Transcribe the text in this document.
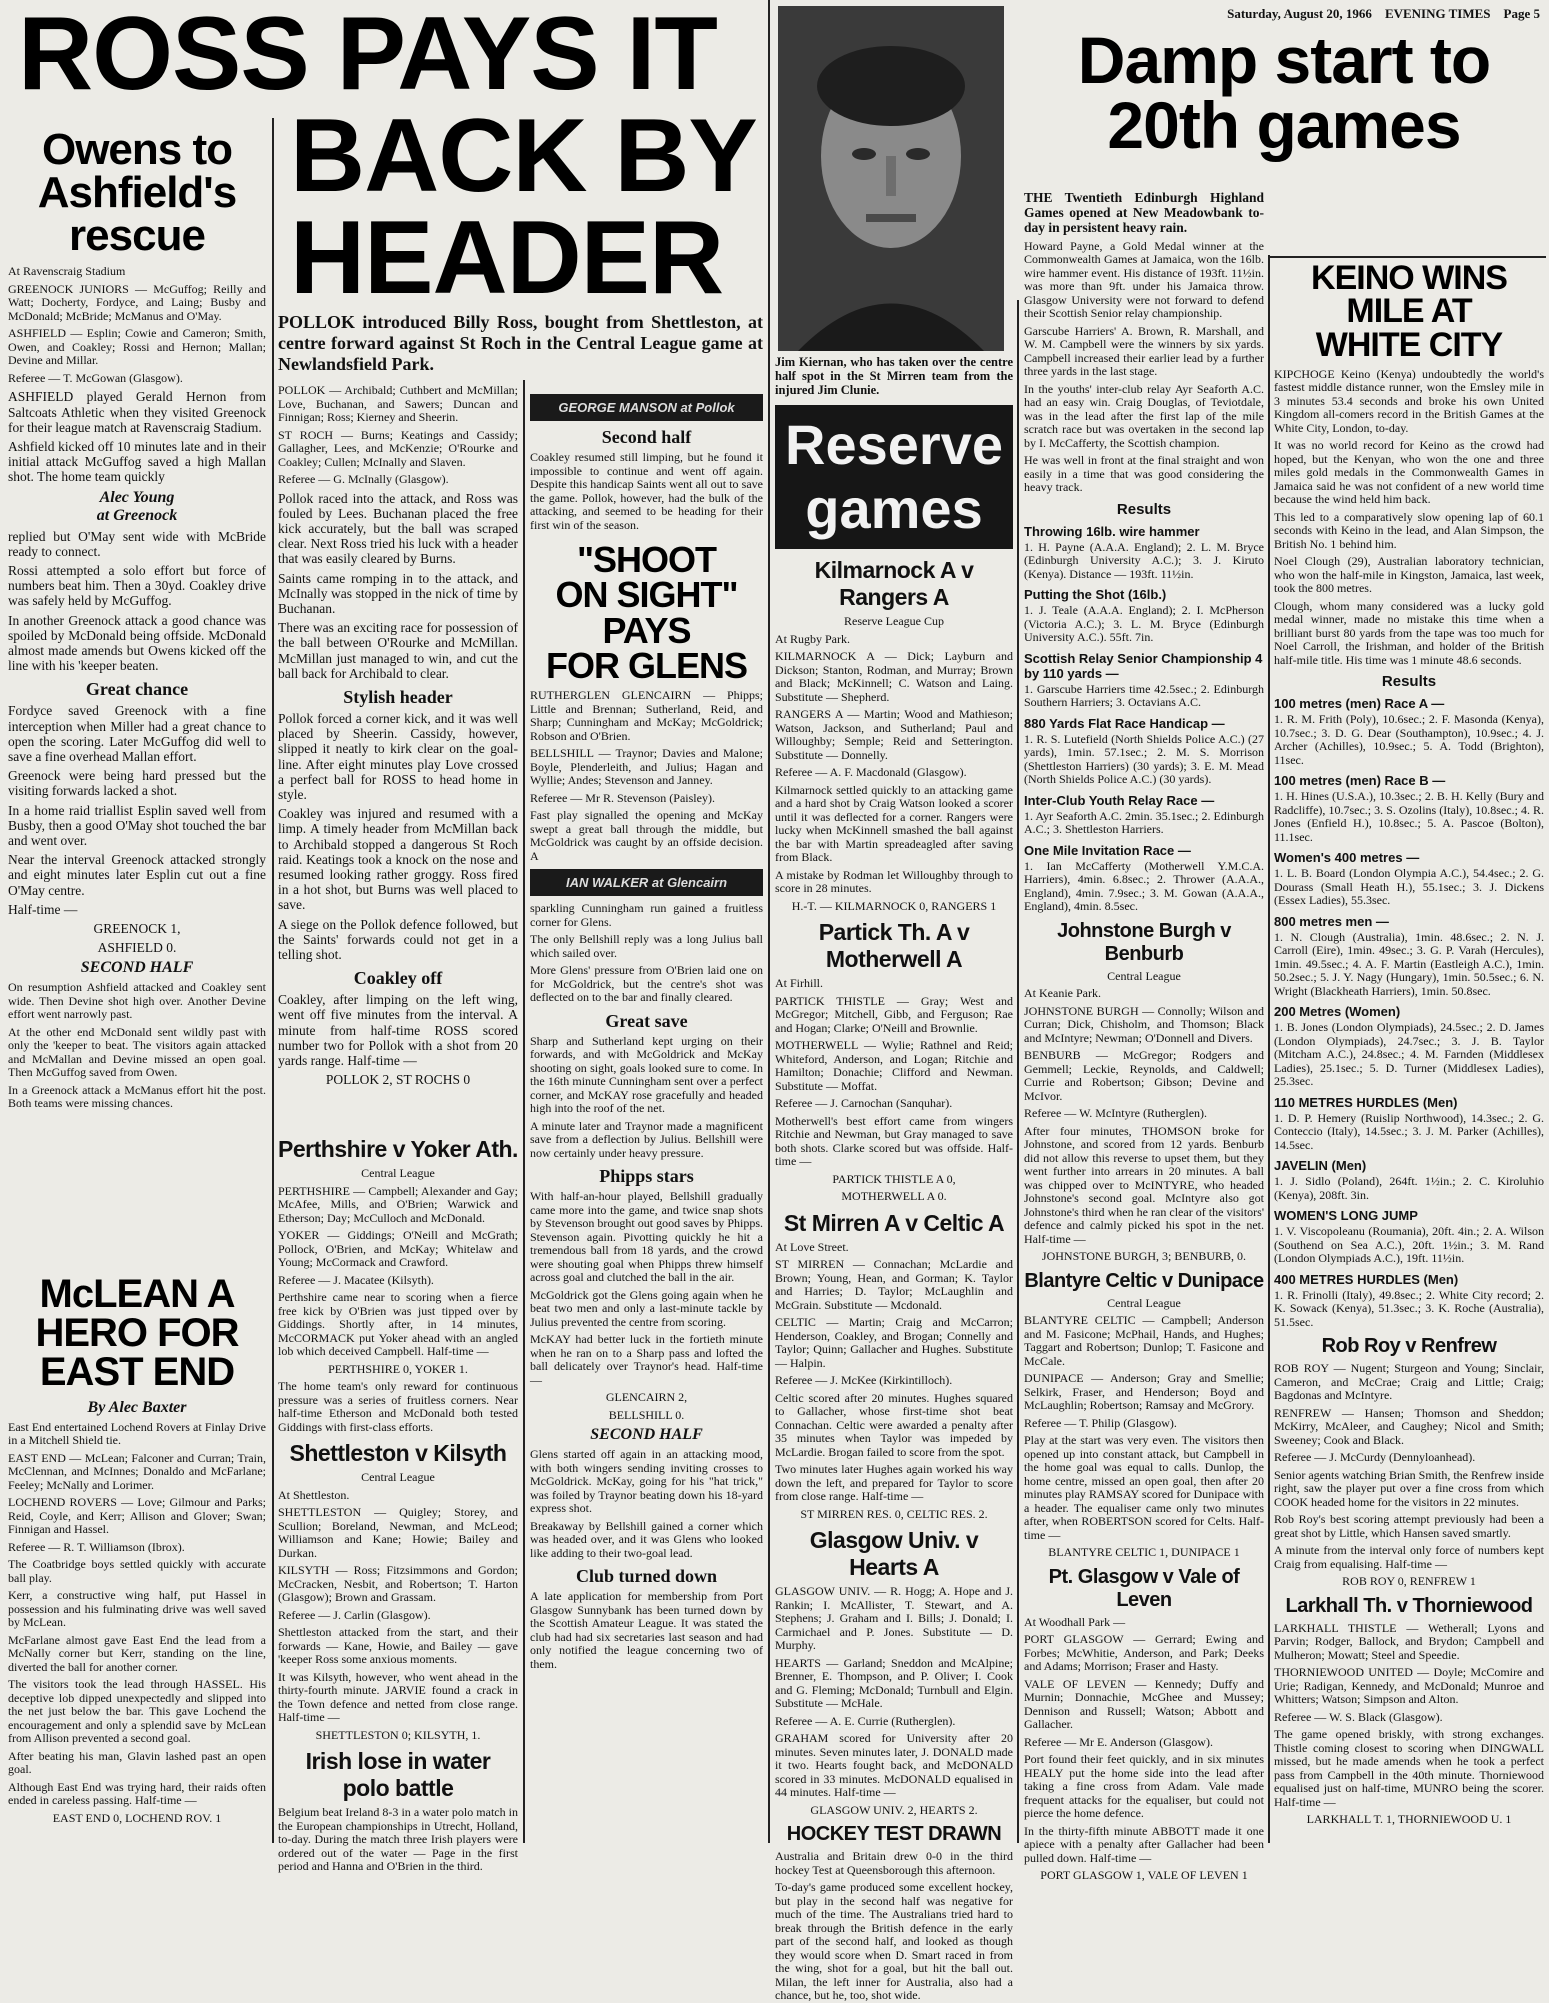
ROSS PAYS IT
BACK BY
HEADER
Owens to
Ashfield's
rescue

At Ravenscraig Stadium

GREENOCK JUNIORS — McGuffog; Reilly and Watt; Docherty, Fordyce, and Laing; Busby and McDonald; McBride; McManus and O'May.

ASHFIELD — Esplin; Cowie and Cameron; Smith, Owen, and Coakley; Rossi and Hernon; Mallan; Devine and Millar.

Referee — T. McGowan (Glasgow).

ASHFIELD played Gerald Hernon from Saltcoats Athletic when they visited Greenock for their league match at Ravenscraig Stadium.

Ashfield kicked off 10 minutes late and in their initial attack McGuffog saved a high Mallan shot. The home team quickly

Alec Young
at Greenock

replied but O'May sent wide with McBride ready to connect.

Rossi attempted a solo effort but force of numbers beat him. Then a 30yd. Coakley drive was safely held by McGuffog.

In another Greenock attack a good chance was spoiled by McDonald being offside. McDonald almost made amends but Owens kicked off the line with his 'keeper beaten.

Great chance

Fordyce saved Greenock with a fine interception when Miller had a great chance to open the scoring. Later McGuffog did well to save a fine overhead Mallan effort.

Greenock were being hard pressed but the visiting forwards lacked a shot.

In a home raid triallist Esplin saved well from Busby, then a good O'May shot touched the bar and went over.

Near the interval Greenock attacked strongly and eight minutes later Esplin cut out a fine O'May centre.

Half-time —

GREENOCK 1,

ASHFIELD 0.

SECOND HALF

On resumption Ashfield attacked and Coakley sent wide. Then Devine shot high over. Another Devine effort went narrowly past.

At the other end McDonald sent wildly past with only the 'keeper to beat. The visitors again attacked and McMallan and Devine missed an open goal. Then McGuffog saved from Owen.

In a Greenock attack a McManus effort hit the post. Both teams were missing chances.

McLEAN A
HERO FOR
EAST END
By Alec Baxter

East End entertained Lochend Rovers at Finlay Drive in a Mitchell Shield tie.

EAST END — McLean; Falconer and Curran; Train, McClennan, and McInnes; Donaldo and McFarlane; Feeley; McNally and Lorimer.

LOCHEND ROVERS — Love; Gilmour and Parks; Reid, Coyle, and Kerr; Allison and Glover; Swan; Finnigan and Hassel.

Referee — R. T. Williamson (Ibrox).

The Coatbridge boys settled quickly with accurate ball play.

Kerr, a constructive wing half, put Hassel in possession and his fulminating drive was well saved by McLean.

McFarlane almost gave East End the lead from a McNally corner but Kerr, standing on the line, diverted the ball for another corner.

The visitors took the lead through HASSEL. His deceptive lob dipped unexpectedly and slipped into the net just below the bar. This gave Lochend the encouragement and only a splendid save by McLean from Allison prevented a second goal.

After beating his man, Glavin lashed past an open goal.

Although East End was trying hard, their raids often ended in careless passing. Half-time —

EAST END 0, LOCHEND ROV. 1

POLLOK introduced Billy Ross, bought from Shettleston, at centre forward against St Roch in the Central League game at Newlandsfield Park.

POLLOK — Archibald; Cuthbert and McMillan; Love, Buchanan, and Sawers; Duncan and Finnigan; Ross; Kierney and Sheerin.

ST ROCH — Burns; Keatings and Cassidy; Gallagher, Lees, and McKenzie; O'Rourke and Coakley; Cullen; McInally and Slaven.

Referee — G. McInally (Glasgow).

Pollok raced into the attack, and Ross was fouled by Lees. Buchanan placed the free kick accurately, but the ball was scraped clear. Next Ross tried his luck with a header that was easily cleared by Burns.

Saints came romping in to the attack, and McInally was stopped in the nick of time by Buchanan.

There was an exciting race for possession of the ball between O'Rourke and McMillan. McMillan just managed to win, and cut the ball back for Archibald to clear.

Stylish header

Pollok forced a corner kick, and it was well placed by Sheerin. Cassidy, however, slipped it neatly to kirk clear on the goal-line. After eight minutes play Love crossed a perfect ball for ROSS to head home in style.

Coakley was injured and resumed with a limp. A timely header from McMillan back to Archibald stopped a dangerous St Roch raid. Keatings took a knock on the nose and resumed looking rather groggy. Ross fired in a hot shot, but Burns was well placed to save.

A siege on the Pollok defence followed, but the Saints' forwards could not get in a telling shot.

Coakley off

Coakley, after limping on the left wing, went off five minutes from the interval. A minute from half-time ROSS scored number two for Pollok with a shot from 20 yards range. Half-time —

POLLOK 2, ST ROCHS 0

Perthshire v Yoker Ath.

Central League

PERTHSHIRE — Campbell; Alexander and Gay; McAfee, Mills, and O'Brien; Warwick and Etherson; Day; McCulloch and McDonald.

YOKER — Giddings; O'Neill and McGrath; Pollock, O'Brien, and McKay; Whitelaw and Young; McCormack and Crawford.

Referee — J. Macatee (Kilsyth).

Perthshire came near to scoring when a fierce free kick by O'Brien was just tipped over by Giddings. Shortly after, in 14 minutes, McCORMACK put Yoker ahead with an angled lob which deceived Campbell. Half-time —

PERTHSHIRE 0, YOKER 1.

The home team's only reward for continuous pressure was a series of fruitless corners. Near half-time Etherson and McDonald both tested Giddings with first-class efforts.

Shettleston v Kilsyth

Central League

At Shettleston.

SHETTLESTON — Quigley; Storey, and Scullion; Boreland, Newman, and McLeod; Williamson and Kane; Howie; Bailey and Durkan.

KILSYTH — Ross; Fitzsimmons and Gordon; McCracken, Nesbit, and Robertson; T. Harton (Glasgow); Brown and Grassam.

Referee — J. Carlin (Glasgow).

Shettleston attacked from the start, and their forwards — Kane, Howie, and Bailey — gave 'keeper Ross some anxious moments.

It was Kilsyth, however, who went ahead in the thirty-fourth minute. JARVIE found a crack in the Town defence and netted from close range. Half-time —

SHETTLESTON 0; KILSYTH, 1.

Irish lose in water
polo battle

Belgium beat Ireland 8-3 in a water polo match in the European championships in Utrecht, Holland, to-day. During the match three Irish players were ordered out of the water — Page in the first period and Hanna and O'Brien in the third.

GEORGE MANSON at Pollok
Second half

Coakley resumed still limping, but he found it impossible to continue and went off again. Despite this handicap Saints went all out to save the game. Pollok, however, had the bulk of the attacking, and seemed to be heading for their first win of the season.

"SHOOT
ON SIGHT"
PAYS
FOR GLENS

RUTHERGLEN GLENCAIRN — Phipps; Little and Brennan; Sutherland, Reid, and Sharp; Cunningham and McKay; McGoldrick; Robson and O'Brien.

BELLSHILL — Traynor; Davies and Malone; Boyle, Plenderleith, and Julius; Hagan and Wyllie; Andes; Stevenson and Janney.

Referee — Mr R. Stevenson (Paisley).

Fast play signalled the opening and McKay swept a great ball through the middle, but McGoldrick was caught by an offside decision. A

IAN WALKER at Glencairn

sparkling Cunningham run gained a fruitless corner for Glens.

The only Bellshill reply was a long Julius ball which sailed over.

More Glens' pressure from O'Brien laid one on for McGoldrick, but the centre's shot was deflected on to the bar and finally cleared.

Great save

Sharp and Sutherland kept urging on their forwards, and with McGoldrick and McKay shooting on sight, goals looked sure to come. In the 16th minute Cunningham sent over a perfect corner, and McKAY rose gracefully and headed high into the roof of the net.

A minute later and Traynor made a magnificent save from a deflection by Julius. Bellshill were now certainly under heavy pressure.

Phipps stars

With half-an-hour played, Bellshill gradually came more into the game, and twice snap shots by Stevenson brought out good saves by Phipps. Stevenson again. Pivotting quickly he hit a tremendous ball from 18 yards, and the crowd were shouting goal when Phipps threw himself across goal and clutched the ball in the air.

McGoldrick got the Glens going again when he beat two men and only a last-minute tackle by Julius prevented the centre from scoring.

McKAY had better luck in the fortieth minute when he ran on to a Sharp pass and lofted the ball delicately over Traynor's head. Half-time —

GLENCAIRN 2,

BELLSHILL 0.

SECOND HALF

Glens started off again in an attacking mood, with both wingers sending inviting crosses to McGoldrick. McKay, going for his "hat trick," was foiled by Traynor beating down his 18-yard express shot.

Breakaway by Bellshill gained a corner which was headed over, and it was Glens who looked like adding to their two-goal lead.

Club turned down

A late application for membership from Port Glasgow Sunnybank has been turned down by the Scottish Amateur League. It was stated the club had had six secretaries last season and had only notified the league concerning two of them.

Jim Kiernan, who has taken over the centre half spot in the St Mirren team from the injured Jim Clunie.

Reserve
games
Kilmarnock A v Rangers A

Reserve League Cup

At Rugby Park.

KILMARNOCK A — Dick; Layburn and Dickson; Stanton, Rodman, and Murray; Brown and Black; McKinnell; C. Watson and Laing. Substitute — Shepherd.

RANGERS A — Martin; Wood and Mathieson; Watson, Jackson, and Sutherland; Paul and Willoughby; Semple; Reid and Setterington. Substitute — Donnelly.

Referee — A. F. Macdonald (Glasgow).

Kilmarnock settled quickly to an attacking game and a hard shot by Craig Watson looked a scorer until it was deflected for a corner. Rangers were lucky when McKinnell smashed the ball against the bar with Martin spreadeagled after saving from Black.

A mistake by Rodman let Willoughby through to score in 28 minutes.

H.-T. — KILMARNOCK 0, RANGERS 1

Partick Th. A v Motherwell A

At Firhill.

PARTICK THISTLE — Gray; West and McGregor; Mitchell, Gibb, and Ferguson; Rae and Hogan; Clarke; O'Neill and Brownlie.

MOTHERWELL — Wylie; Rathnel and Reid; Whiteford, Anderson, and Logan; Ritchie and Hamilton; Donachie; Clifford and Newman. Substitute — Moffat.

Referee — J. Carnochan (Sanquhar).

Motherwell's best effort came from wingers Ritchie and Newman, but Gray managed to save both shots. Clarke scored but was offside. Half-time —

PARTICK THISTLE A 0,

MOTHERWELL A 0.

St Mirren A v Celtic A

At Love Street.

ST MIRREN — Connachan; McLardie and Brown; Young, Hean, and Gorman; K. Taylor and Harries; D. Taylor; McLaughlin and McGrain. Substitute — Mcdonald.

CELTIC — Martin; Craig and McCarron; Henderson, Coakley, and Brogan; Connelly and Taylor; Quinn; Gallacher and Hughes. Substitute — Halpin.

Referee — J. McKee (Kirkintilloch).

Celtic scored after 20 minutes. Hughes squared to Gallacher, whose first-time shot beat Connachan. Celtic were awarded a penalty after 35 minutes when Taylor was impeded by McLardie. Brogan failed to score from the spot.

Two minutes later Hughes again worked his way down the left, and prepared for Taylor to score from close range. Half-time —

ST MIRREN RES. 0, CELTIC RES. 2.

Glasgow Univ. v Hearts A

GLASGOW UNIV. — R. Hogg; A. Hope and J. Rankin; I. McAllister, T. Stewart, and A. Stephens; J. Graham and I. Bills; J. Donald; I. Carmichael and P. Jones. Substitute — D. Murphy.

HEARTS — Garland; Sneddon and McAlpine; Brenner, E. Thompson, and P. Oliver; I. Cook and G. Fleming; McDonald; Turnbull and Elgin. Substitute — McHale.

Referee — A. E. Currie (Rutherglen).

GRAHAM scored for University after 20 minutes. Seven minutes later, J. DONALD made it two. Hearts fought back, and McDONALD scored in 33 minutes. McDONALD equalised in 44 minutes. Half-time —

GLASGOW UNIV. 2, HEARTS 2.

HOCKEY TEST DRAWN

Australia and Britain drew 0-0 in the third hockey Test at Queensborough this afternoon.

To-day's game produced some excellent hockey, but play in the second half was negative for much of the time. The Australians tried hard to break through the British defence in the early part of the second half, and looked as though they would score when D. Smart raced in from the wing, shot for a goal, but hit the ball out. Milan, the left inner for Australia, also had a chance, but he, too, shot wide.

Saturday, August 20, 1966 EVENING TIMES Page 5
Damp start to
20th games

THE Twentieth Edinburgh Highland Games opened at New Meadowbank to-day in persistent heavy rain.

Howard Payne, a Gold Medal winner at the Commonwealth Games at Jamaica, won the 16lb. wire hammer event. His distance of 193ft. 11½in. was more than 9ft. under his Jamaica throw. Glasgow University were not forward to defend their Scottish Senior relay championship.

Garscube Harriers' A. Brown, R. Marshall, and W. M. Campbell were the winners by six yards. Campbell increased their earlier lead by a further three yards in the last stage.

In the youths' inter-club relay Ayr Seaforth A.C. had an easy win. Craig Douglas, of Teviotdale, was in the lead after the first lap of the mile scratch race but was overtaken in the second lap by I. McCafferty, the Scottish champion.

He was well in front at the final straight and won easily in a time that was good considering the heavy track.

Results
Throwing 16lb. wire hammer

1. H. Payne (A.A.A. England); 2. L. M. Bryce (Edinburgh University A.C.); 3. J. Kiruto (Kenya). Distance — 193ft. 11½in.

Putting the Shot (16lb.)

1. J. Teale (A.A.A. England); 2. I. McPherson (Victoria A.C.); 3. L. M. Bryce (Edinburgh University A.C.). 55ft. 7in.

Scottish Relay Senior Championship 4 by 110 yards —

1. Garscube Harriers time 42.5sec.; 2. Edinburgh Southern Harriers; 3. Octavians A.C.

880 Yards Flat Race Handicap —

1. R. S. Lutefield (North Shields Police A.C.) (27 yards), 1min. 57.1sec.; 2. M. S. Morrison (Shettleston Harriers) (30 yards); 3. E. M. Mead (North Shields Police A.C.) (30 yards).

Inter-Club Youth Relay Race —

1. Ayr Seaforth A.C. 2min. 35.1sec.; 2. Edinburgh A.C.; 3. Shettleston Harriers.

One Mile Invitation Race —

1. Ian McCafferty (Motherwell Y.M.C.A. Harriers), 4min. 6.8sec.; 2. Thrower (A.A.A., England), 4min. 7.9sec.; 3. M. Gowan (A.A.A., England), 4min. 8.5sec.

Johnstone Burgh v Benburb

Central League

At Keanie Park.

JOHNSTONE BURGH — Connolly; Wilson and Curran; Dick, Chisholm, and Thomson; Black and McIntyre; Newman; O'Donnell and Divers.

BENBURB — McGregor; Rodgers and Gemmell; Leckie, Reynolds, and Caldwell; Currie and Robertson; Gibson; Devine and McIvor.

Referee — W. McIntyre (Rutherglen).

After four minutes, THOMSON broke for Johnstone, and scored from 12 yards. Benburb did not allow this reverse to upset them, but they went further into arrears in 20 minutes. A ball was chipped over to McINTYRE, who headed Johnstone's second goal. McIntyre also got Johnstone's third when he ran clear of the visitors' defence and calmly picked his spot in the net. Half-time —

JOHNSTONE BURGH, 3; BENBURB, 0.

Blantyre Celtic v Dunipace

Central League

BLANTYRE CELTIC — Campbell; Anderson and M. Fasicone; McPhail, Hands, and Hughes; Taggart and Robertson; Dunlop; T. Fasicone and McCale.

DUNIPACE — Anderson; Gray and Smellie; Selkirk, Fraser, and Henderson; Boyd and McLaughlin; Robertson; Ramsay and McGrory.

Referee — T. Philip (Glasgow).

Play at the start was very even. The visitors then opened up into constant attack, but Campbell in the home goal was equal to calls. Dunlop, the home centre, missed an open goal, then after 20 minutes play RAMSAY scored for Dunipace with a header. The equaliser came only two minutes after, when ROBERTSON scored for Celts. Half-time —

BLANTYRE CELTIC 1, DUNIPACE 1

Pt. Glasgow v Vale of Leven

At Woodhall Park —

PORT GLASGOW — Gerrard; Ewing and Forbes; McWhitie, Anderson, and Park; Deeks and Adams; Morrison; Fraser and Hasty.

VALE OF LEVEN — Kennedy; Duffy and Murnin; Donnachie, McGhee and Mussey; Dennison and Russell; Watson; Abbott and Gallacher.

Referee — Mr E. Anderson (Glasgow).

Port found their feet quickly, and in six minutes HEALY put the home side into the lead after taking a fine cross from Adam. Vale made frequent attacks for the equaliser, but could not pierce the home defence.

In the thirty-fifth minute ABBOTT made it one apiece with a penalty after Gallacher had been pulled down. Half-time —

PORT GLASGOW 1, VALE OF LEVEN 1

KEINO WINS
MILE AT
WHITE CITY

KIPCHOGE Keino (Kenya) undoubtedly the world's fastest middle distance runner, won the Emsley mile in 3 minutes 53.4 seconds and broke his own United Kingdom all-comers record in the British Games at the White City, London, to-day.

It was no world record for Keino as the crowd had hoped, but the Kenyan, who won the one and three miles gold medals in the Commonwealth Games in Jamaica said he was not confident of a new world time because the wind held him back.

This led to a comparatively slow opening lap of 60.1 seconds with Keino in the lead, and Alan Simpson, the British No. 1 behind him.

Noel Clough (29), Australian laboratory technician, who won the half-mile in Kingston, Jamaica, last week, took the 800 metres.

Clough, whom many considered was a lucky gold medal winner, made no mistake this time when a brilliant burst 80 yards from the tape was too much for Noel Carroll, the Irishman, and holder of the British half-mile title. His time was 1 minute 48.6 seconds.

Results
100 metres (men) Race A —

1. R. M. Frith (Poly), 10.6sec.; 2. F. Masonda (Kenya), 10.7sec.; 3. D. G. Dear (Southampton), 10.9sec.; 4. J. Archer (Achilles), 10.9sec.; 5. A. Todd (Brighton), 11sec.

100 metres (men) Race B —

1. H. Hines (U.S.A.), 10.3sec.; 2. B. H. Kelly (Bury and Radcliffe), 10.7sec.; 3. S. Ozolins (Italy), 10.8sec.; 4. R. Jones (Enfield H.), 10.8sec.; 5. A. Pascoe (Bolton), 11.1sec.

Women's 400 metres —

1. L. B. Board (London Olympia A.C.), 54.4sec.; 2. G. Dourass (Small Heath H.), 55.1sec.; 3. J. Dickens (Essex Ladies), 55.3sec.

800 metres men —

1. N. Clough (Australia), 1min. 48.6sec.; 2. N. J. Carroll (Eire), 1min. 49sec.; 3. G. P. Varah (Hercules), 1min. 49.5sec.; 4. A. F. Martin (Eastleigh A.C.), 1min. 50.2sec.; 5. J. Y. Nagy (Hungary), 1min. 50.5sec.; 6. N. Wright (Blackheath Harriers), 1min. 50.8sec.

200 Metres (Women)

1. B. Jones (London Olympiads), 24.5sec.; 2. D. James (London Olympiads), 24.7sec.; 3. J. B. Taylor (Mitcham A.C.), 24.8sec.; 4. M. Farnden (Middlesex Ladies), 25.1sec.; 5. D. Turner (Middlesex Ladies), 25.3sec.

110 METRES HURDLES (Men)

1. D. P. Hemery (Ruislip Northwood), 14.3sec.; 2. G. Conteccio (Italy), 14.5sec.; 3. J. M. Parker (Achilles), 14.5sec.

JAVELIN (Men)

1. J. Sidlo (Poland), 264ft. 1½in.; 2. C. Kiroluhio (Kenya), 208ft. 3in.

WOMEN'S LONG JUMP

1. V. Viscopoleanu (Roumania), 20ft. 4in.; 2. A. Wilson (Southend on Sea A.C.), 20ft. 1½in.; 3. M. Rand (London Olympiads A.C.), 19ft. 11½in.

400 METRES HURDLES (Men)

1. R. Frinolli (Italy), 49.8sec.; 2. White City record; 2. K. Sowack (Kenya), 51.3sec.; 3. K. Roche (Australia), 51.5sec.

Rob Roy v Renfrew

ROB ROY — Nugent; Sturgeon and Young; Sinclair, Cameron, and McCrae; Craig and Little; Craig; Bagdonas and McIntyre.

RENFREW — Hansen; Thomson and Sheddon; McKirry, McAleer, and Caughey; Nicol and Smith; Sweeney; Cook and Black.

Referee — J. McCurdy (Dennyloanhead).

Senior agents watching Brian Smith, the Renfrew inside right, saw the player put over a fine cross from which COOK headed home for the visitors in 22 minutes.

Rob Roy's best scoring attempt previously had been a great shot by Little, which Hansen saved smartly.

A minute from the interval only force of numbers kept Craig from equalising. Half-time —

ROB ROY 0, RENFREW 1

Larkhall Th. v Thorniewood

LARKHALL THISTLE — Wetherall; Lyons and Parvin; Rodger, Ballock, and Brydon; Campbell and Mulheron; Mowatt; Steel and Speedie.

THORNIEWOOD UNITED — Doyle; McComire and Urie; Radigan, Kennedy, and McDonald; Munroe and Whitters; Watson; Simpson and Alton.

Referee — W. S. Black (Glasgow).

The game opened briskly, with strong exchanges. Thistle coming closest to scoring when DINGWALL missed, but he made amends when he took a perfect pass from Campbell in the 40th minute. Thorniewood equalised just on half-time, MUNRO being the scorer. Half-time —

LARKHALL T. 1, THORNIEWOOD U. 1
